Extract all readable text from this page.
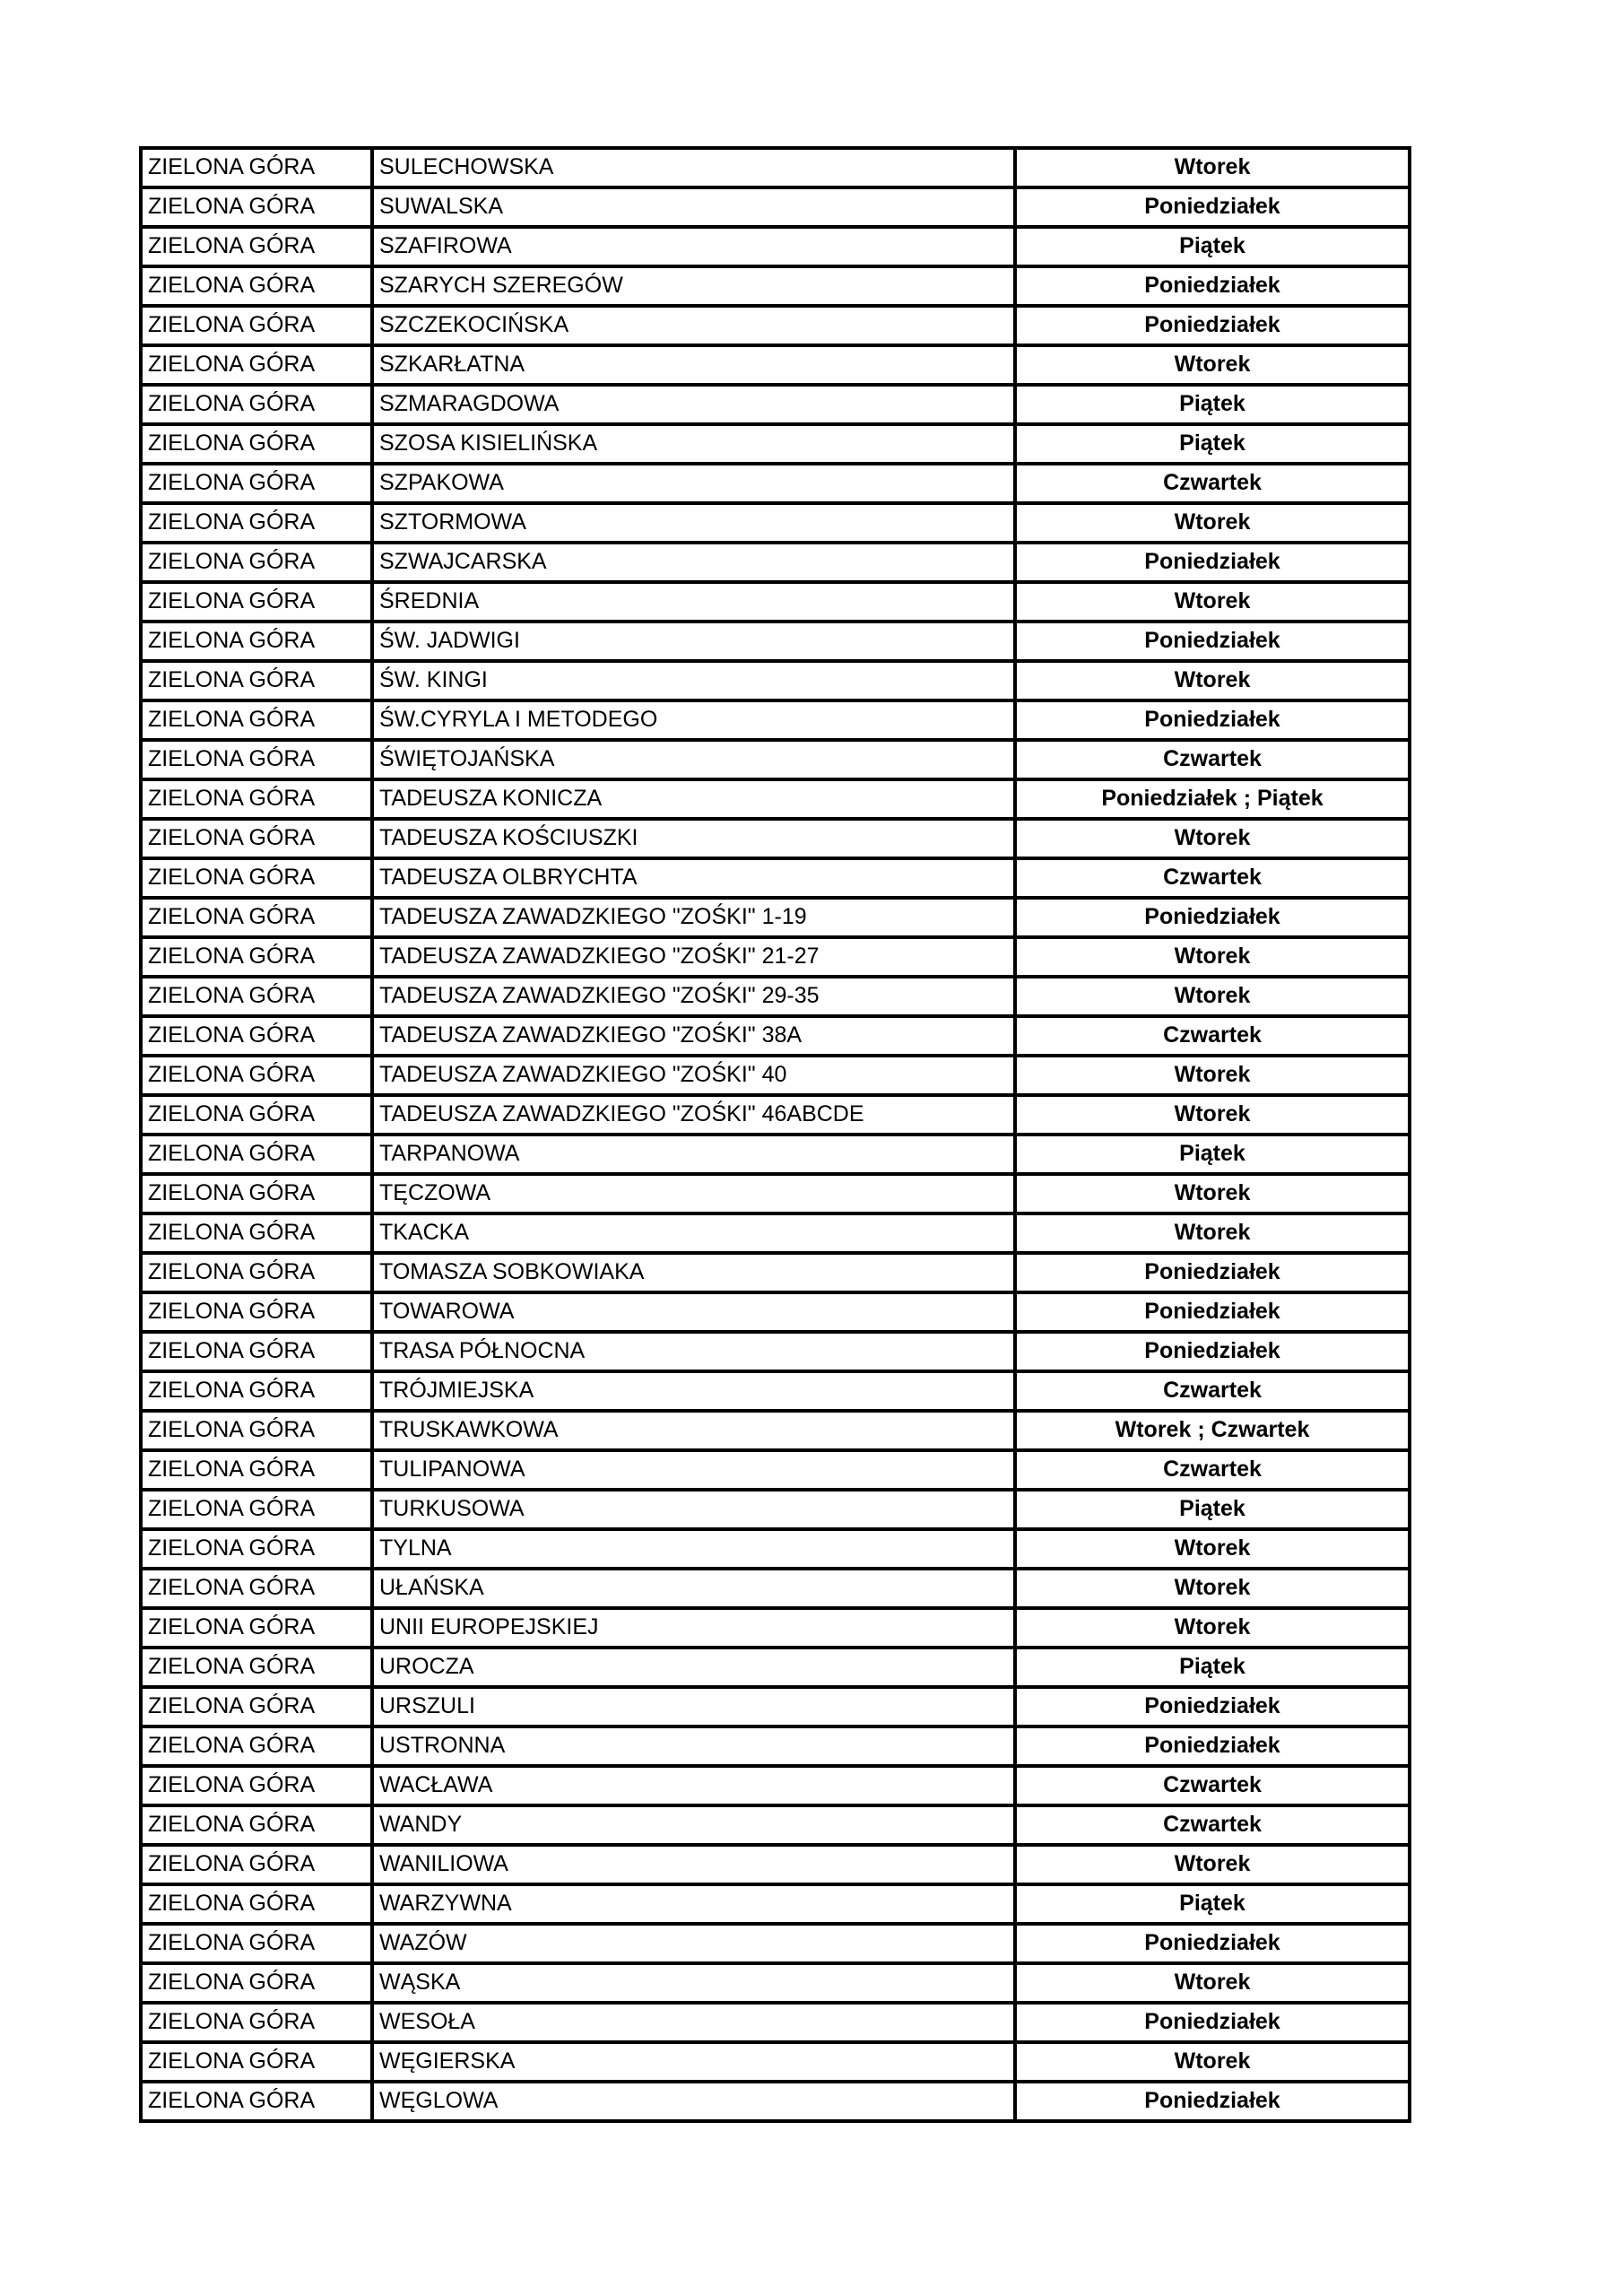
ZIELONA GÓRA	SULECHOWSKA	Wtorek
ZIELONA GÓRA	SUWALSKA	Poniedziałek
ZIELONA GÓRA	SZAFIROWA	Piątek
ZIELONA GÓRA	SZARYCH SZEREGÓW	Poniedziałek
ZIELONA GÓRA	SZCZEKOCIŃSKA	Poniedziałek
ZIELONA GÓRA	SZKARŁATNA	Wtorek
ZIELONA GÓRA	SZMARAGDOWA	Piątek
ZIELONA GÓRA	SZOSA KISIELIŃSKA	Piątek
ZIELONA GÓRA	SZPAKOWA	Czwartek
ZIELONA GÓRA	SZTORMOWA	Wtorek
ZIELONA GÓRA	SZWAJCARSKA	Poniedziałek
ZIELONA GÓRA	ŚREDNIA	Wtorek
ZIELONA GÓRA	ŚW. JADWIGI	Poniedziałek
ZIELONA GÓRA	ŚW. KINGI	Wtorek
ZIELONA GÓRA	ŚW.CYRYLA I METODEGO	Poniedziałek
ZIELONA GÓRA	ŚWIĘTOJAŃSKA	Czwartek
ZIELONA GÓRA	TADEUSZA KONICZA	Poniedziałek ; Piątek
ZIELONA GÓRA	TADEUSZA KOŚCIUSZKI	Wtorek
ZIELONA GÓRA	TADEUSZA OLBRYCHTA	Czwartek
ZIELONA GÓRA	TADEUSZA ZAWADZKIEGO "ZOŚKI" 1-19	Poniedziałek
ZIELONA GÓRA	TADEUSZA ZAWADZKIEGO "ZOŚKI" 21-27	Wtorek
ZIELONA GÓRA	TADEUSZA ZAWADZKIEGO "ZOŚKI" 29-35	Wtorek
ZIELONA GÓRA	TADEUSZA ZAWADZKIEGO "ZOŚKI" 38A	Czwartek
ZIELONA GÓRA	TADEUSZA ZAWADZKIEGO "ZOŚKI" 40	Wtorek
ZIELONA GÓRA	TADEUSZA ZAWADZKIEGO "ZOŚKI" 46ABCDE	Wtorek
ZIELONA GÓRA	TARPANOWA	Piątek
ZIELONA GÓRA	TĘCZOWA	Wtorek
ZIELONA GÓRA	TKACKA	Wtorek
ZIELONA GÓRA	TOMASZA SOBKOWIAKA	Poniedziałek
ZIELONA GÓRA	TOWAROWA	Poniedziałek
ZIELONA GÓRA	TRASA PÓŁNOCNA	Poniedziałek
ZIELONA GÓRA	TRÓJMIEJSKA	Czwartek
ZIELONA GÓRA	TRUSKAWKOWA	Wtorek ; Czwartek
ZIELONA GÓRA	TULIPANOWA	Czwartek
ZIELONA GÓRA	TURKUSOWA	Piątek
ZIELONA GÓRA	TYLNA	Wtorek
ZIELONA GÓRA	UŁAŃSKA	Wtorek
ZIELONA GÓRA	UNII EUROPEJSKIEJ	Wtorek
ZIELONA GÓRA	UROCZA	Piątek
ZIELONA GÓRA	URSZULI	Poniedziałek
ZIELONA GÓRA	USTRONNA	Poniedziałek
ZIELONA GÓRA	WACŁAWA	Czwartek
ZIELONA GÓRA	WANDY	Czwartek
ZIELONA GÓRA	WANILIOWA	Wtorek
ZIELONA GÓRA	WARZYWNA	Piątek
ZIELONA GÓRA	WAZÓW	Poniedziałek
ZIELONA GÓRA	WĄSKA	Wtorek
ZIELONA GÓRA	WESOŁA	Poniedziałek
ZIELONA GÓRA	WĘGIERSKA	Wtorek
ZIELONA GÓRA	WĘGLOWA	Poniedziałek
